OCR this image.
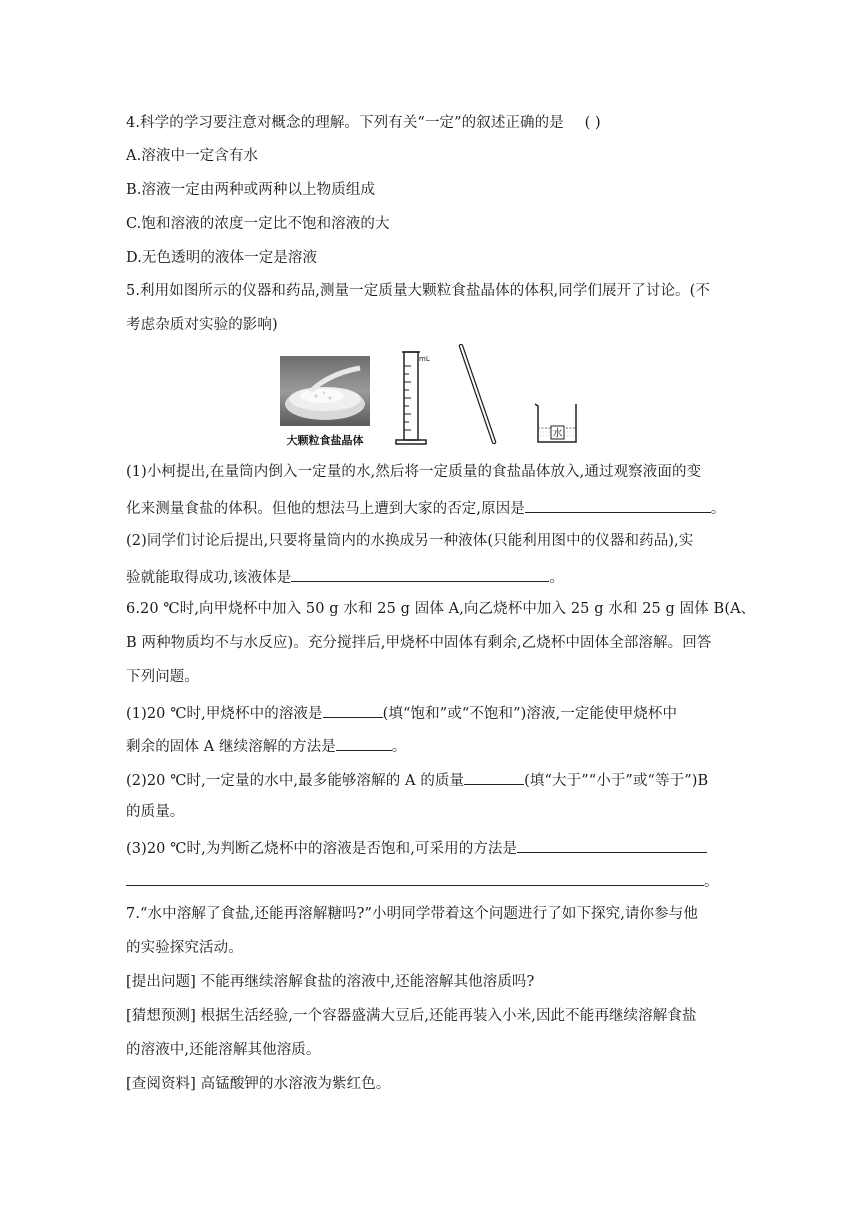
4.科学的学习要注意对概念的理解。下列有关“一定”的叙述正确的是 ( )
A.溶液中一定含有水
B.溶液一定由两种或两种以上物质组成
C.饱和溶液的浓度一定比不饱和溶液的大
D.无色透明的液体一定是溶液
5.利用如图所示的仪器和药品,测量一定质量大颗粒食盐晶体的体积,同学们展开了讨论。(不
考虑杂质对实验的影响)
mL
水
大颗粒食盐晶体
(1)小柯提出,在量筒内倒入一定量的水,然后将一定质量的食盐晶体放入,通过观察液面的变
化来测量食盐的体积。但他的想法马上遭到大家的否定,原因是	。
(2)同学们讨论后提出,只要将量筒内的水换成另一种液体(只能利用图中的仪器和药品),实
验就能取得成功,该液体是	。
6.20 ℃时,向甲烧杯中加入 50 g 水和 25 g 固体 A,向乙烧杯中加入 25 g 水和 25 g 固体 B(A、
B 两种物质均不与水反应)。充分搅拌后,甲烧杯中固体有剩余,乙烧杯中固体全部溶解。回答
下列问题。
(1)20 ℃时,甲烧杯中的溶液是	(填“饱和”或“不饱和”)溶液,一定能使甲烧杯中
剩余的固体 A 继续溶解的方法是	。
(2)20 ℃时,一定量的水中,最多能够溶解的 A 的质量	(填“大于”“小于”或“等于”)B
的质量。
(3)20 ℃时,为判断乙烧杯中的溶液是否饱和,可采用的方法是
。
7.“水中溶解了食盐,还能再溶解糖吗?”小明同学带着这个问题进行了如下探究,请你参与他
的实验探究活动。
[提出问题] 不能再继续溶解食盐的溶液中,还能溶解其他溶质吗?
[猜想预测] 根据生活经验,一个容器盛满大豆后,还能再装入小米,因此不能再继续溶解食盐
的溶液中,还能溶解其他溶质。
[查阅资料] 高锰酸钾的水溶液为紫红色。
